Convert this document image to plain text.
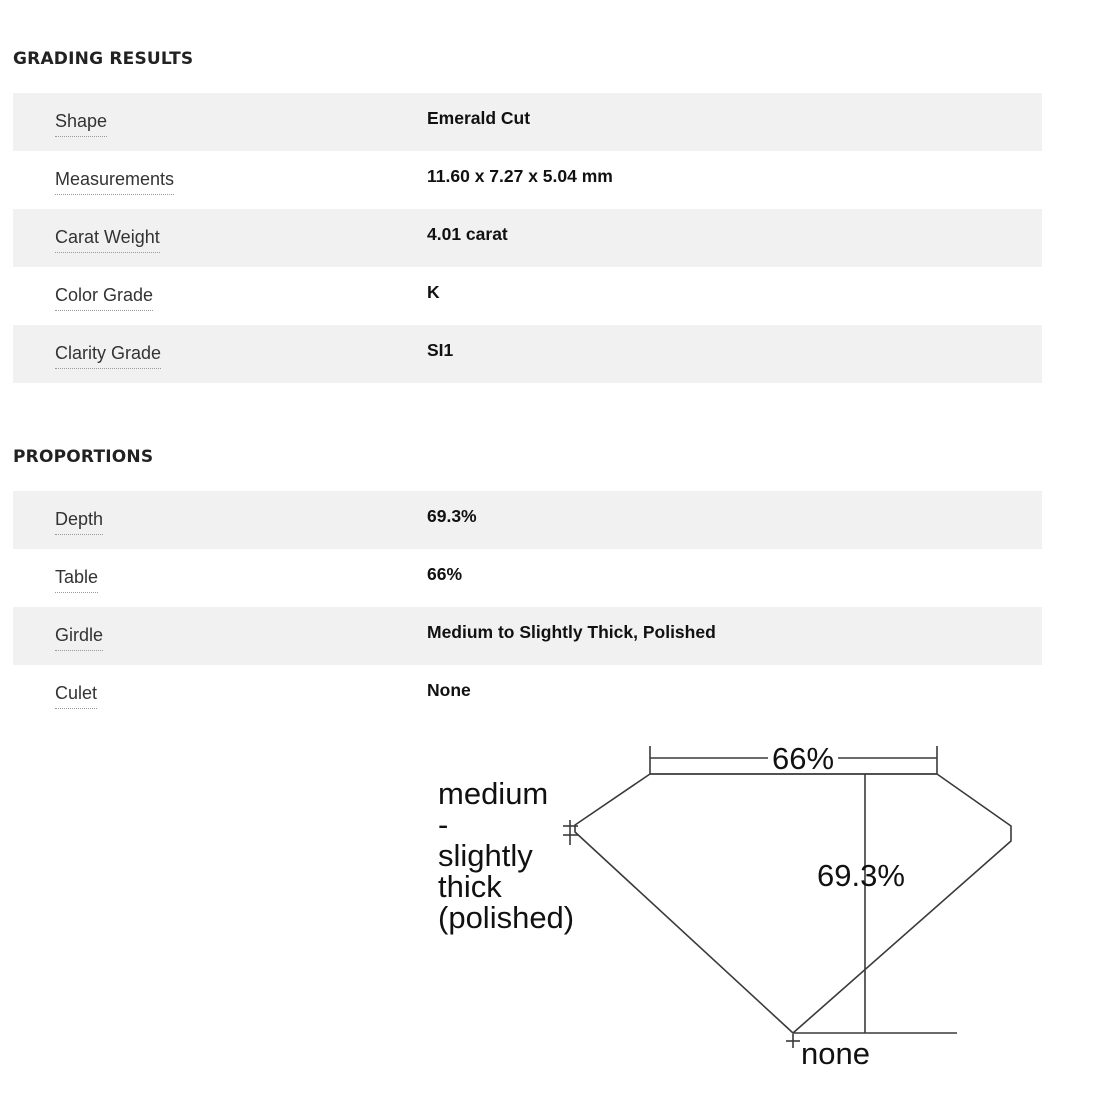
GRADING RESULTS
Shape	Emerald Cut
Measurements	11.60 x 7.27 x 5.04 mm
Carat Weight	4.01 carat
Color Grade	K
Clarity Grade	SI1
PROPORTIONS
Depth	69.3%
Table	66%
Girdle	Medium to Slightly Thick, Polished
Culet	None
66%
69.3%
none
medium
-
slightly
thick
(polished)
